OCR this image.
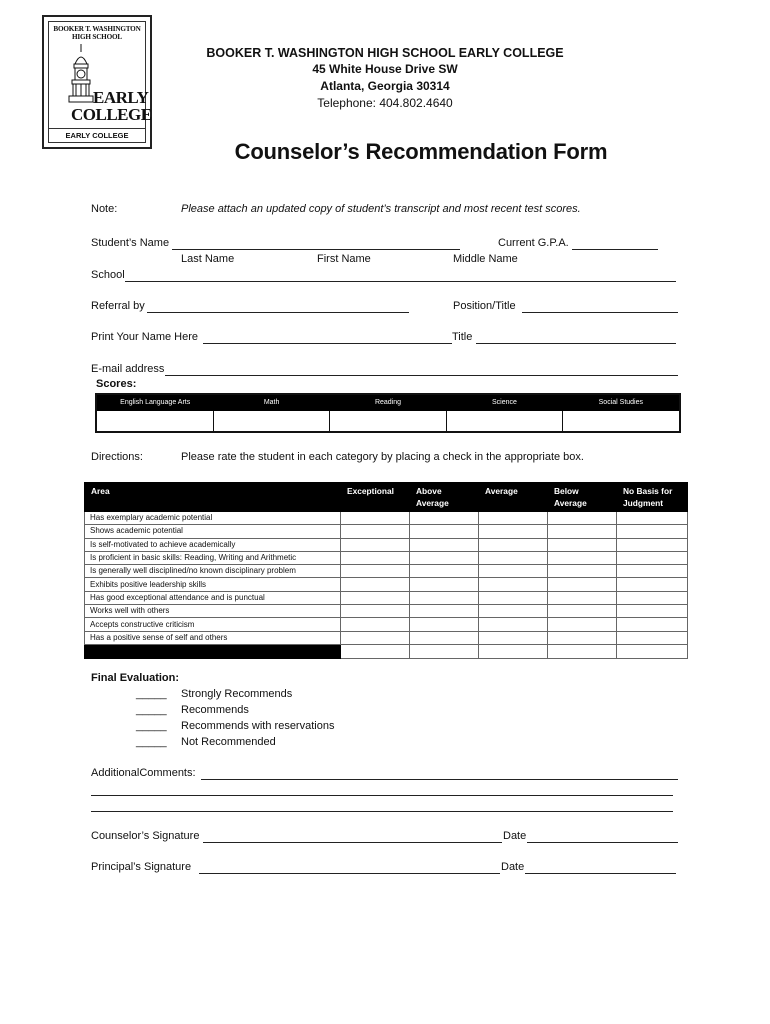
BOOKER T. WASHINGTON HIGH SCHOOL
EARLY
COLLEGE
EARLY COLLEGE
BOOKER T. WASHINGTON HIGH SCHOOL EARLY COLLEGE
45 White House Drive SW
Atlanta, Georgia 30314
Telephone: 404.802.4640
Counselor’s Recommendation Form
Note:	Please attach an updated copy of student’s transcript and most recent test scores.
Student’s Name	Current G.P.A.
Last Name	First Name	Middle Name
School
Referral by	Position/Title
Print Your Name Here	Title
E-mail address
Scores:
English Language Arts	Math	Reading	Science	Social Studies
Directions:	Please rate the student in each category by placing a check in the appropriate box.
Area	Exceptional	Above Average	Average	Below Average	No Basis for Judgment
Has exemplary academic potential					
Shows academic potential					
Is self-motivated to achieve academically					
Is proficient in basic skills: Reading, Writing and Arithmetic					
Is generally well disciplined/no known disciplinary problem					
Exhibits positive leadership skills					
Has good exceptional attendance and is punctual					
Works well with others					
Accepts constructive criticism					
Has a positive sense of self and others					

Final Evaluation:
_____ Strongly Recommends
_____ Recommends
_____ Recommends with reservations
_____ Not Recommended
AdditionalComments:
Counselor’s Signature	Date
Principal’s Signature	Date
